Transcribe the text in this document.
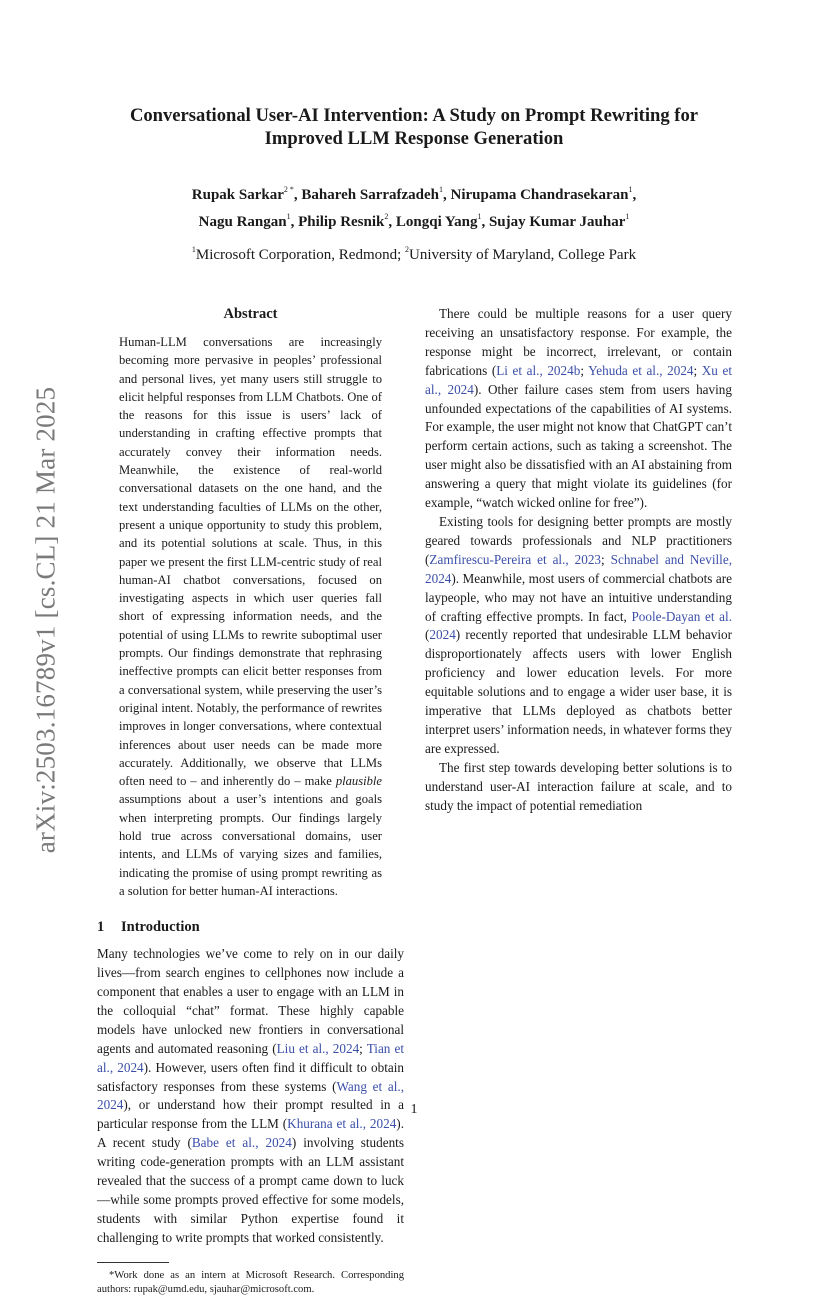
arXiv:2503.16789v1 [cs.CL] 21 Mar 2025
Conversational User-AI Intervention: A Study on Prompt Rewriting for Improved LLM Response Generation
Rupak Sarkar$^{2 *}$, Bahareh Sarrafzadeh$^1$, Nirupama Chandrasekaran$^1$,
Nagu Rangan$^1$, Philip Resnik$^2$, Longqi Yang$^1$, Sujay Kumar Jauhar$^1$
$^1$Microsoft Corporation, Redmond; $^2$University of Maryland, College Park
Abstract

Human-LLM conversations are increasingly becoming more pervasive in peoples’ professional and personal lives, yet many users still struggle to elicit helpful responses from LLM Chatbots. One of the reasons for this issue is users’ lack of understanding in crafting effective prompts that accurately convey their information needs. Meanwhile, the existence of real-world conversational datasets on the one hand, and the text understanding faculties of LLMs on the other, present a unique opportunity to study this problem, and its potential solutions at scale. Thus, in this paper we present the first LLM-centric study of real human-AI chatbot conversations, focused on investigating aspects in which user queries fall short of expressing information needs, and the potential of using LLMs to rewrite suboptimal user prompts. Our findings demonstrate that rephrasing ineffective prompts can elicit better responses from a conversational system, while preserving the user’s original intent. Notably, the performance of rewrites improves in longer conversations, where contextual inferences about user needs can be made more accurately. Additionally, we observe that LLMs often need to – and inherently do – make plausible assumptions about a user’s intentions and goals when interpreting prompts. Our findings largely hold true across conversational domains, user intents, and LLMs of varying sizes and families, indicating the promise of using prompt rewriting as a solution for better human-AI interactions.

1 Introduction

Many technologies we’ve come to rely on in our daily lives—from search engines to cellphones now include a component that enables a user to engage with an LLM in the colloquial “chat” format. These highly capable models have unlocked new frontiers in conversational agents and automated reasoning (Liu et al., 2024; Tian et al., 2024). However, users often find it difficult to obtain satisfactory responses from these systems (Wang et al., 2024), or understand how their prompt resulted in a particular response from the LLM (Khurana et al., 2024). A recent study (Babe et al., 2024) involving students writing code-generation prompts with an LLM assistant revealed that the success of a prompt came down to luck—while some prompts proved effective for some models, students with similar Python expertise found it challenging to write prompts that worked consistently.

*Work done as an intern at Microsoft Research. Corresponding authors: rupak@umd.edu, sjauhar@microsoft.com.

There could be multiple reasons for a user query receiving an unsatisfactory response. For example, the response might be incorrect, irrelevant, or contain fabrications (Li et al., 2024b; Yehuda et al., 2024; Xu et al., 2024). Other failure cases stem from users having unfounded expectations of the capabilities of AI systems. For example, the user might not know that ChatGPT can’t perform certain actions, such as taking a screenshot. The user might also be dissatisfied with an AI abstaining from answering a query that might violate its guidelines (for example, “watch wicked online for free”).

Existing tools for designing better prompts are mostly geared towards professionals and NLP practitioners (Zamfirescu-Pereira et al., 2023; Schnabel and Neville, 2024). Meanwhile, most users of commercial chatbots are laypeople, who may not have an intuitive understanding of crafting effective prompts. In fact, Poole-Dayan et al. (2024) recently reported that undesirable LLM behavior disproportionately affects users with lower English proficiency and lower education levels. For more equitable solutions and to engage a wider user base, it is imperative that LLMs deployed as chatbots better interpret users’ information needs, in whatever forms they are expressed.

The first step towards developing better solutions is to understand user-AI interaction failure at scale, and to study the impact of potential remediation

1
